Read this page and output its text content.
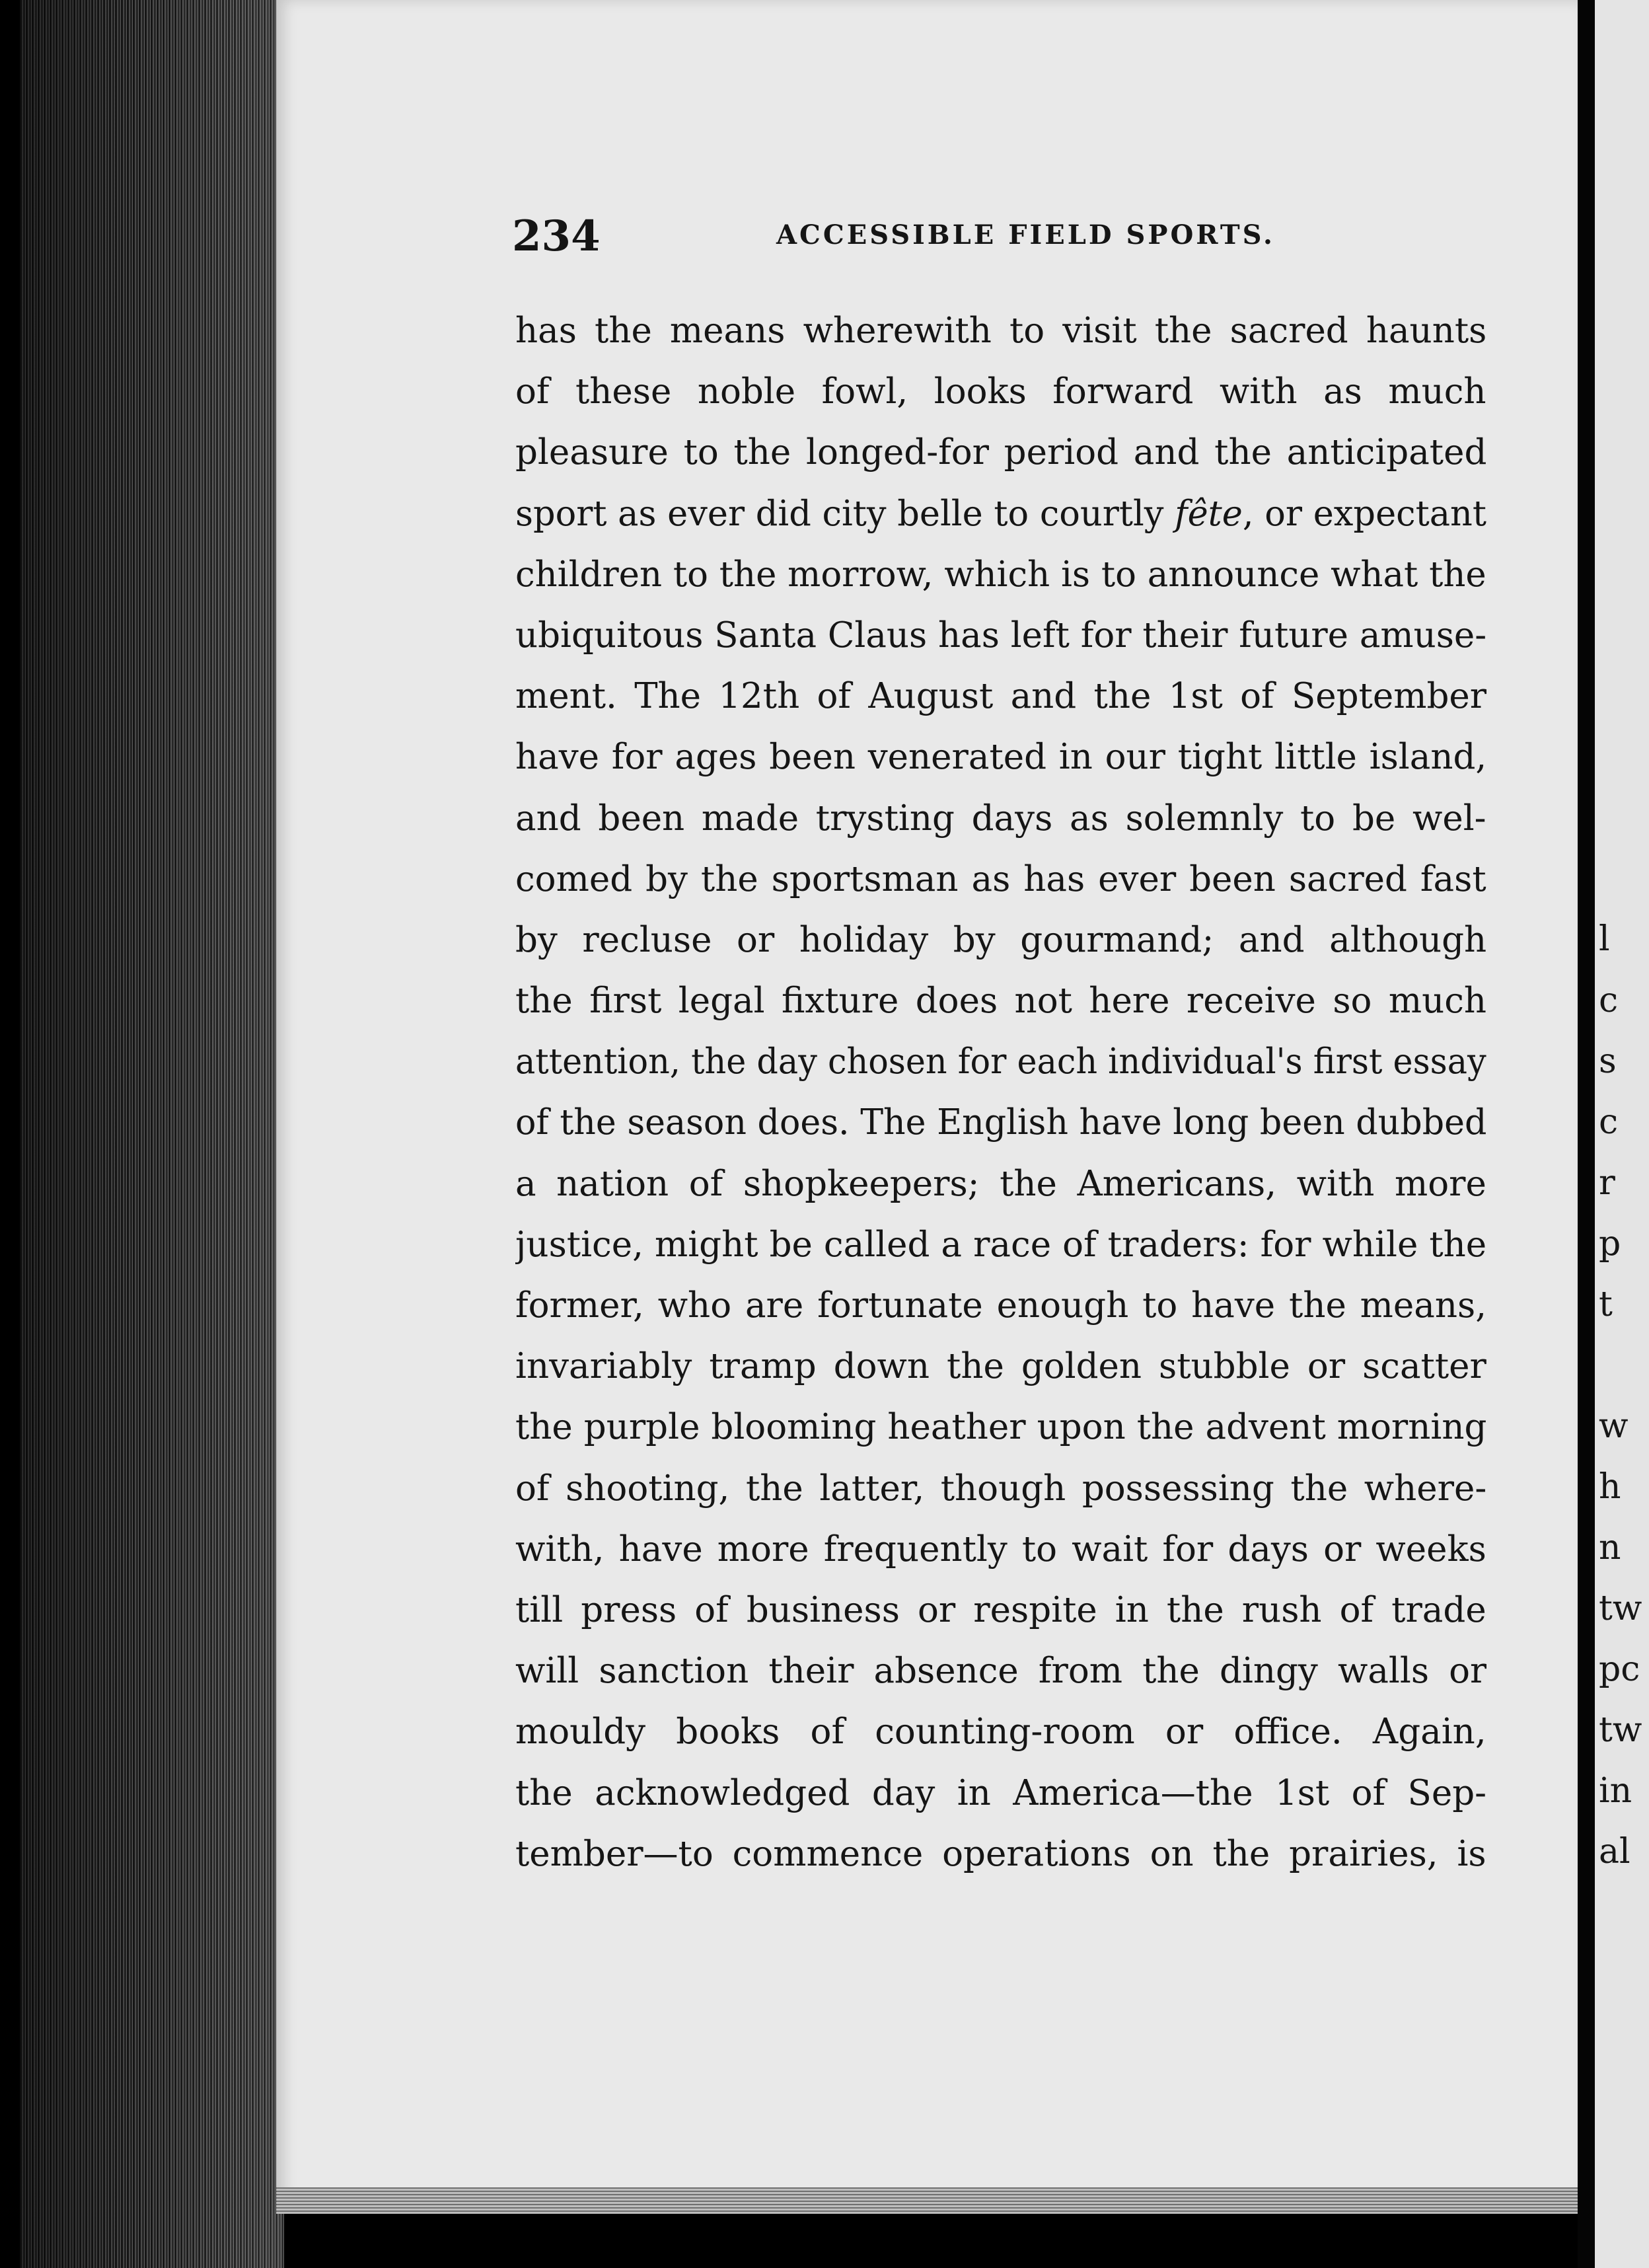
l
c
s
c
r
p
t
w
h
n
tw
pc
tw
in
al
234	ACCESSIBLE FIELD SPORTS.
has the means wherewith to visit the sacred haunts
of these noble fowl, looks forward with as much
pleasure to the longed-for period and the anticipated
sport as ever did city belle to courtly fête, or expectant
children to the morrow, which is to announce what the
ubiquitous Santa Claus has left for their future amuse-
ment. The 12th of August and the 1st of September
have for ages been venerated in our tight little island,
and been made trysting days as solemnly to be wel-
comed by the sportsman as has ever been sacred fast
by recluse or holiday by gourmand; and although
the first legal fixture does not here receive so much
attention, the day chosen for each individual's first essay
of the season does. The English have long been dubbed
a nation of shopkeepers; the Americans, with more
justice, might be called a race of traders: for while the
former, who are fortunate enough to have the means,
invariably tramp down the golden stubble or scatter
the purple blooming heather upon the advent morning
of shooting, the latter, though possessing the where-
with, have more frequently to wait for days or weeks
till press of business or respite in the rush of trade
will sanction their absence from the dingy walls or
mouldy books of counting-room or office. Again,
the acknowledged day in America—the 1st of Sep-
tember—to commence operations on the prairies, is
